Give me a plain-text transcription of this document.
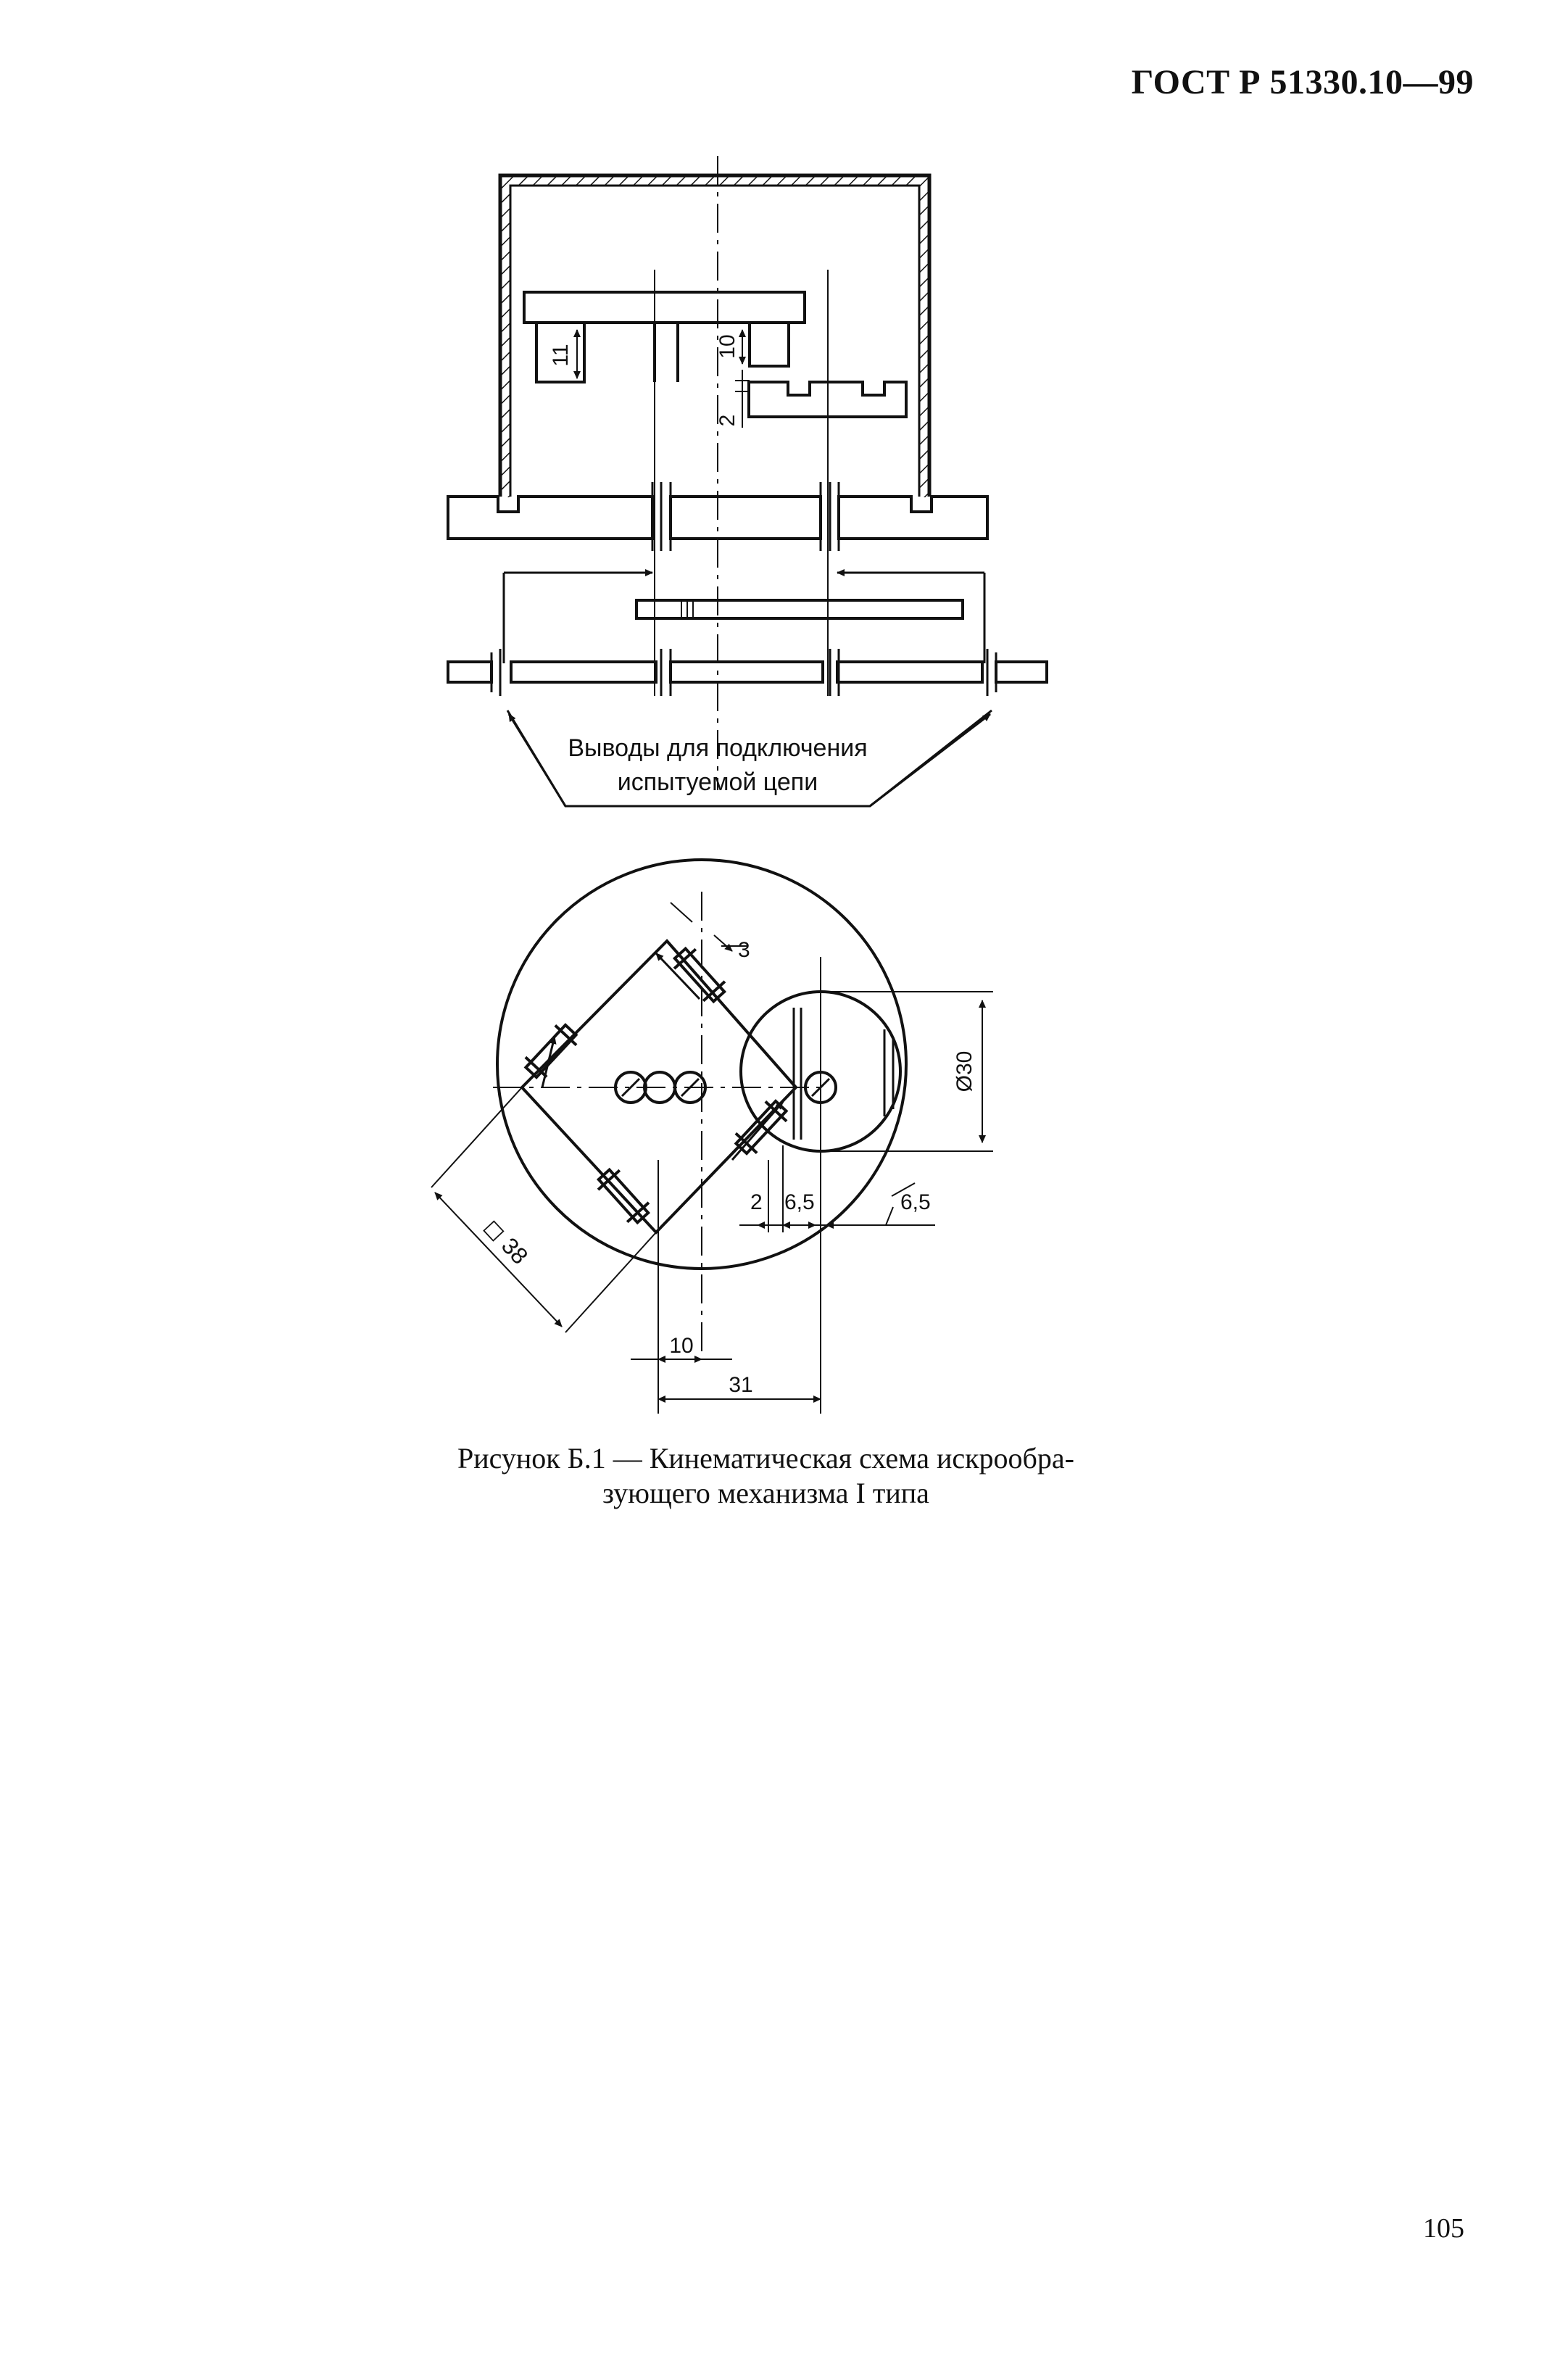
ГОСТ Р 51330.10—99
11	10
2
Выводы для подключения
испытуемой цепи
3
Ø30
2 6,5	6,5
◻ 38
10
31
Рисунок Б.1 — Кинематическая схема искрообра-
зующего механизма I типа
105
